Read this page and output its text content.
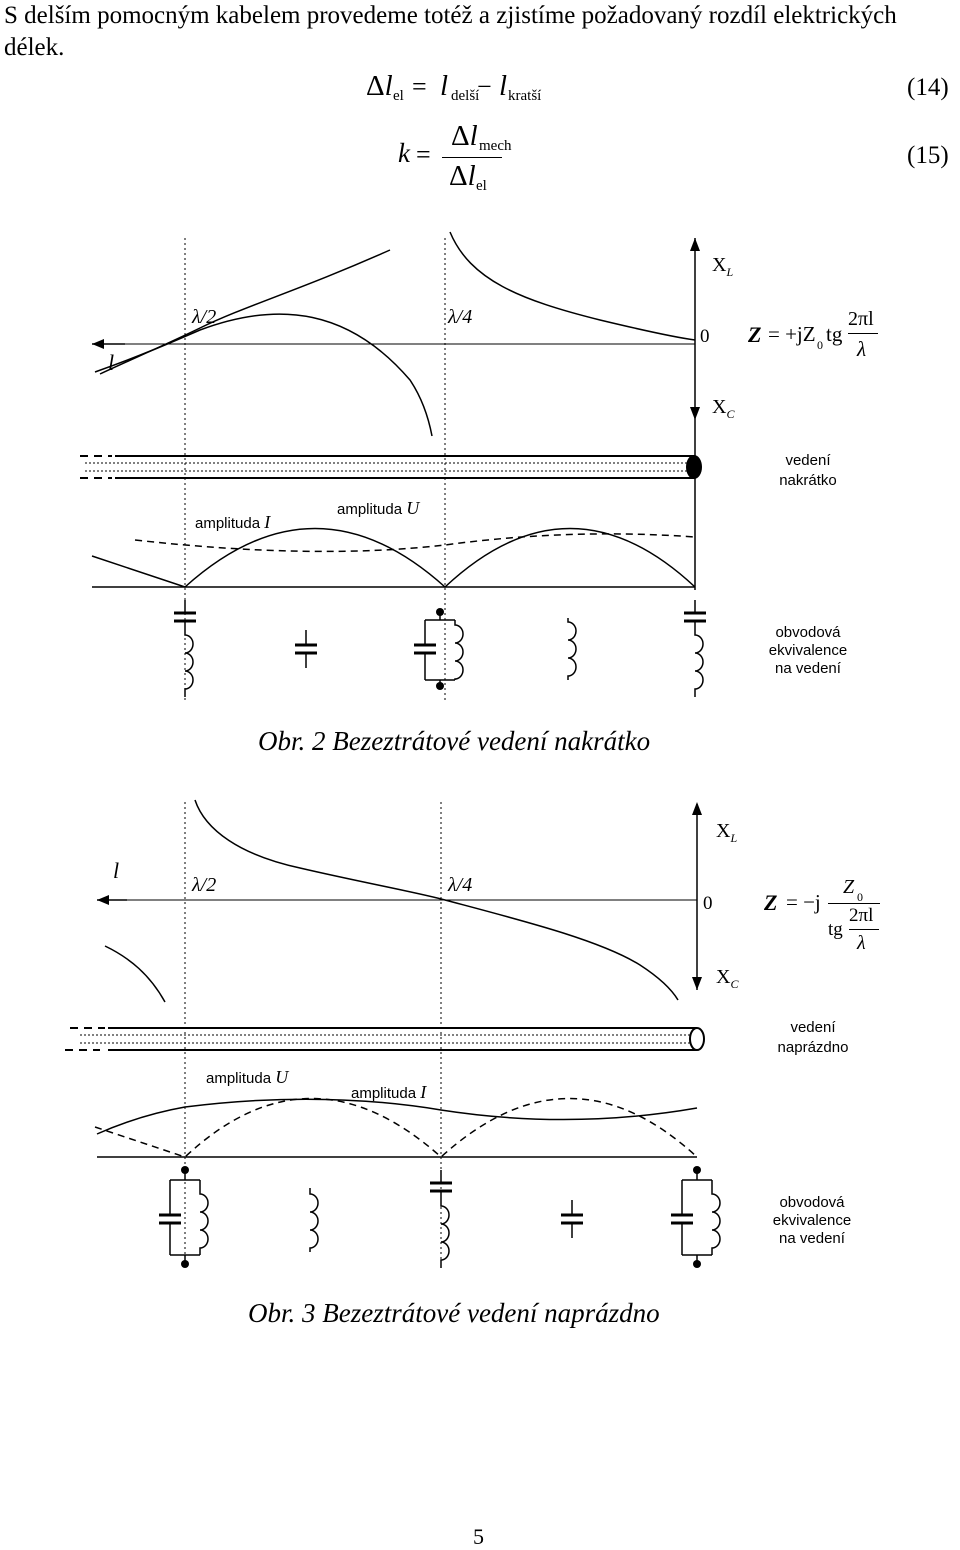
S delším pomocným kabelem provedeme totéž a zjistíme požadovaný rozdíl elektrických délek.
Δl el = l delší
− l kratší	(14)
k =
Δl mech
Δl el
(15)
$X_L$
$X_C$
0
λ/2	λ/4
l
Z = +jZ 0 tg
2πl
λ
vedení
nakrátko
amplituda I
amplituda U
obvodová
ekvivalence
na vedení
Obr. 2 Bezeztrátové vedení nakrátko
$X_L$
$X_C$
0
λ/2	λ/4
l
Z = −j
Z 0
tg
2πl
λ
vedení
naprázdno
amplituda U
amplituda I
obvodová
ekvivalence
na vedení
Obr. 3 Bezeztrátové vedení naprázdno
5
